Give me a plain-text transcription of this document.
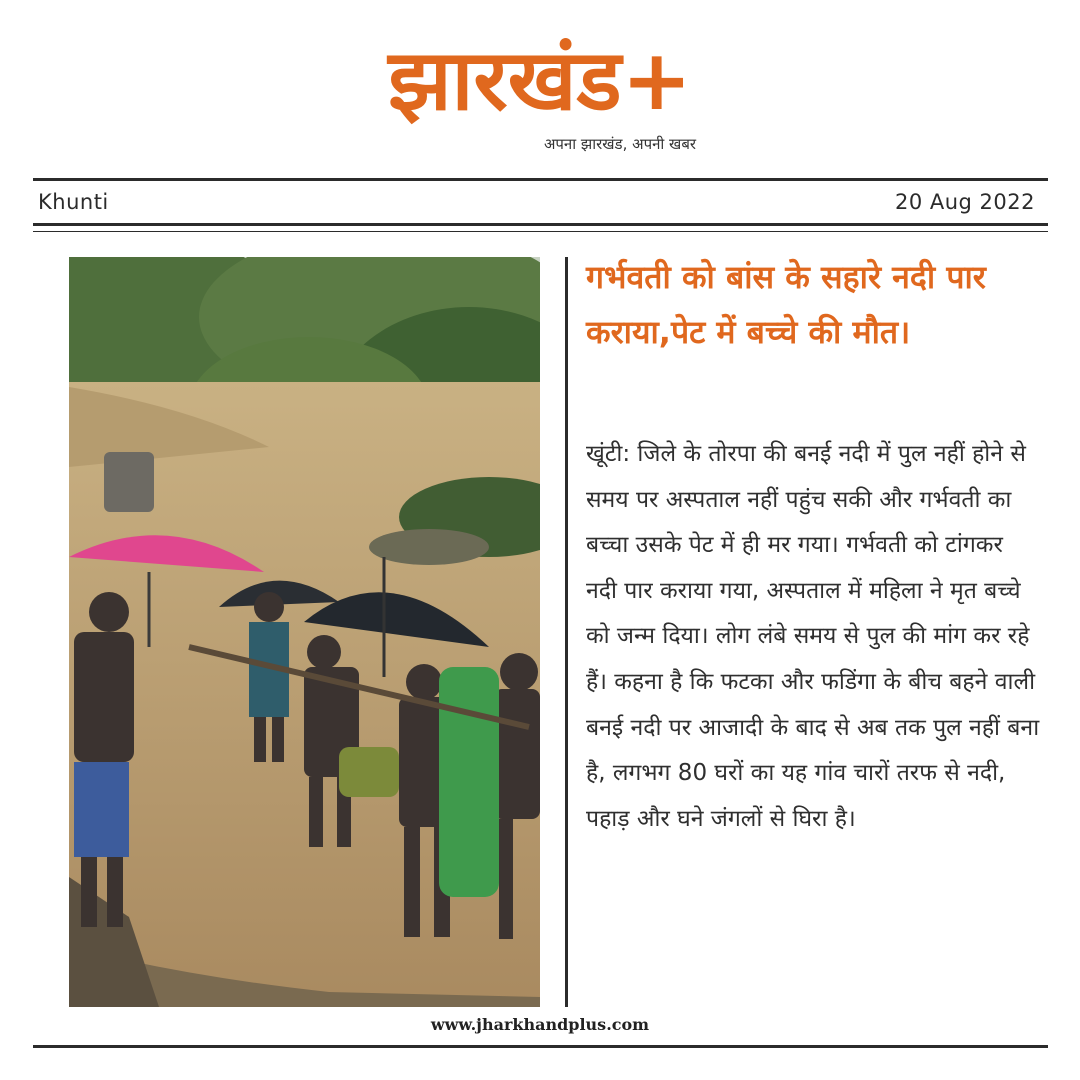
झारखंड+
अपना झारखंड, अपनी खबर
Khunti	20 Aug 2022
गर्भवती को बांस के सहारे नदी पार कराया,पेट में बच्चे की मौत।
खूंटी: जिले के तोरपा की बनई नदी में पुल नहीं होने से समय पर अस्पताल नहीं पहुंच सकी और गर्भवती का बच्चा उसके पेट में ही मर गया। गर्भवती को टांगकर नदी पार कराया गया, अस्पताल में महिला ने मृत बच्चे को जन्म दिया। लोग लंबे समय से पुल की मांग कर रहे हैं। कहना है कि फटका और फडिंगा के बीच बहने वाली बनई नदी पर आजादी के बाद से अब तक पुल नहीं बना है, लगभग 80 घरों का यह गांव चारों तरफ से नदी, पहाड़ और घने जंगलों से घिरा है।
www.jharkhandplus.com
